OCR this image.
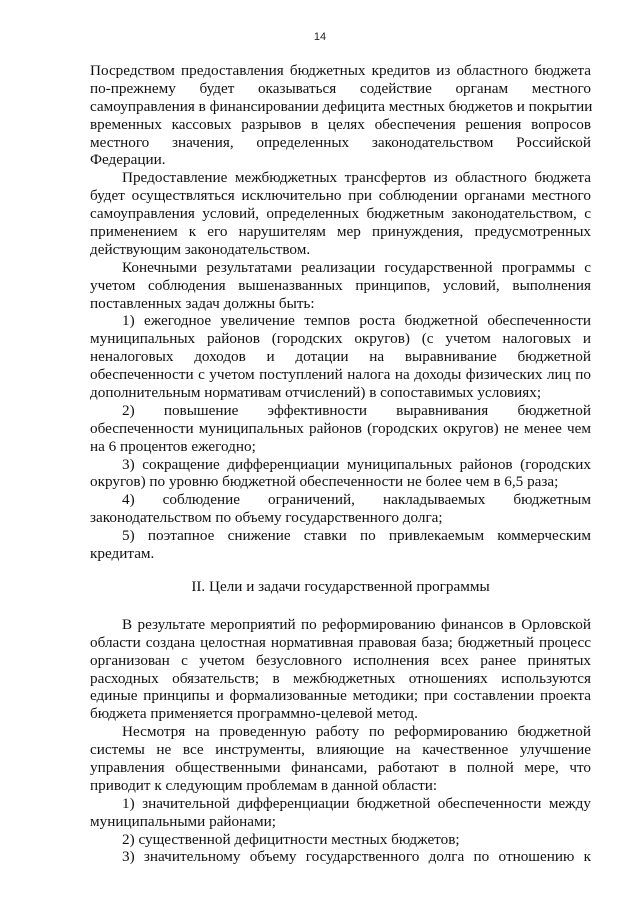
14
Посредством предоставления бюджетных кредитов из областного бюджета
по-прежнему будет оказываться содействие органам местного
самоуправления в финансировании дефицита местных бюджетов и покрытии
временных кассовых разрывов в целях обеспечения решения вопросов
местного значения, определенных законодательством Российской
Федерации.
Предоставление межбюджетных трансфертов из областного бюджета
будет осуществляться исключительно при соблюдении органами местного
самоуправления условий, определенных бюджетным законодательством, с
применением к его нарушителям мер принуждения, предусмотренных
действующим законодательством.
Конечными результатами реализации государственной программы с
учетом соблюдения вышеназванных принципов, условий, выполнения
поставленных задач должны быть:
1) ежегодное увеличение темпов роста бюджетной обеспеченности
муниципальных районов (городских округов) (с учетом налоговых и
неналоговых доходов и дотации на выравнивание бюджетной
обеспеченности с учетом поступлений налога на доходы физических лиц по
дополнительным нормативам отчислений) в сопоставимых условиях;
2) повышение эффективности выравнивания бюджетной
обеспеченности муниципальных районов (городских округов) не менее чем
на 6 процентов ежегодно;
3) сокращение дифференциации муниципальных районов (городских
округов) по уровню бюджетной обеспеченности не более чем в 6,5 раза;
4) соблюдение ограничений, накладываемых бюджетным
законодательством по объему государственного долга;
5) поэтапное снижение ставки по привлекаемым коммерческим
кредитам.
II. Цели и задачи государственной программы
В результате мероприятий по реформированию финансов в Орловской
области создана целостная нормативная правовая база; бюджетный процесс
организован с учетом безусловного исполнения всех ранее принятых
расходных обязательств; в межбюджетных отношениях используются
единые принципы и формализованные методики; при составлении проекта
бюджета применяется программно-целевой метод.
Несмотря на проведенную работу по реформированию бюджетной
системы не все инструменты, влияющие на качественное улучшение
управления общественными финансами, работают в полной мере, что
приводит к следующим проблемам в данной области:
1) значительной дифференциации бюджетной обеспеченности между
муниципальными районами;
2) существенной дефицитности местных бюджетов;
3) значительному объему государственного долга по отношению к
